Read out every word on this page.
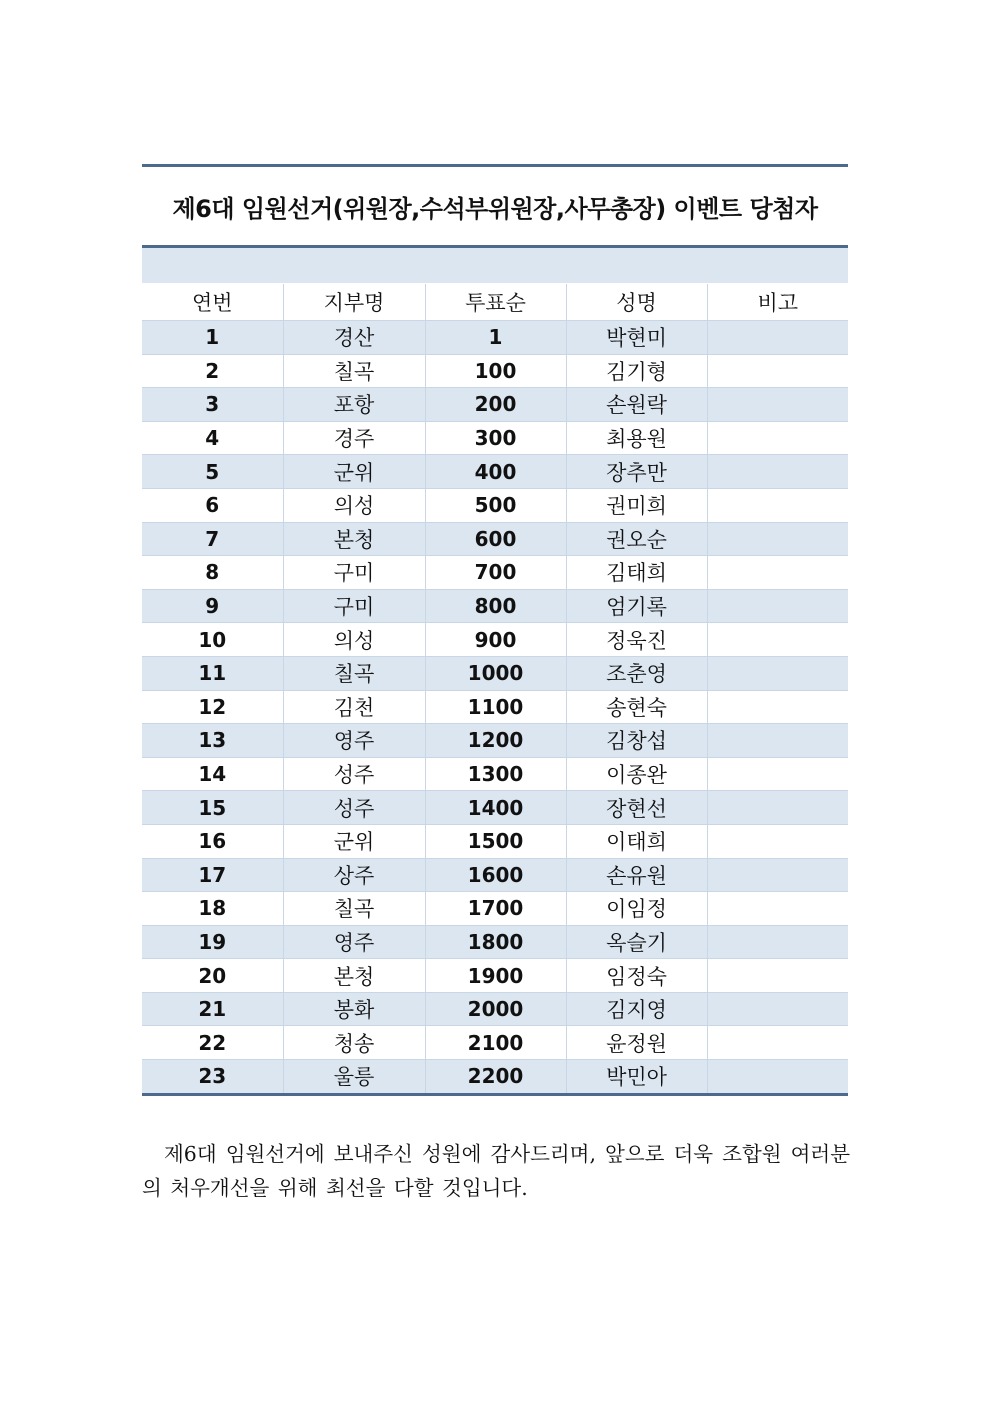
제6대 임원선거(위원장,수석부위원장,사무총장) 이벤트 당첨자
연번	지부명	투표순	성명	비고
1	경산	1	박현미	
2	칠곡	100	김기형	
3	포항	200	손원락	
4	경주	300	최용원	
5	군위	400	장추만	
6	의성	500	권미희	
7	본청	600	권오순	
8	구미	700	김태희	
9	구미	800	엄기록	
10	의성	900	정욱진	
11	칠곡	1000	조춘영	
12	김천	1100	송현숙	
13	영주	1200	김창섭	
14	성주	1300	이종완	
15	성주	1400	장현선	
16	군위	1500	이태희	
17	상주	1600	손유원	
18	칠곡	1700	이임정	
19	영주	1800	옥슬기	
20	본청	1900	임정숙	
21	봉화	2000	김지영	
22	청송	2100	윤정원	
23	울릉	2200	박민아	

제6대 임원선거에 보내주신 성원에 감사드리며, 앞으로 더욱 조합원 여러분의 처우개선을 위해 최선을 다할 것입니다.
